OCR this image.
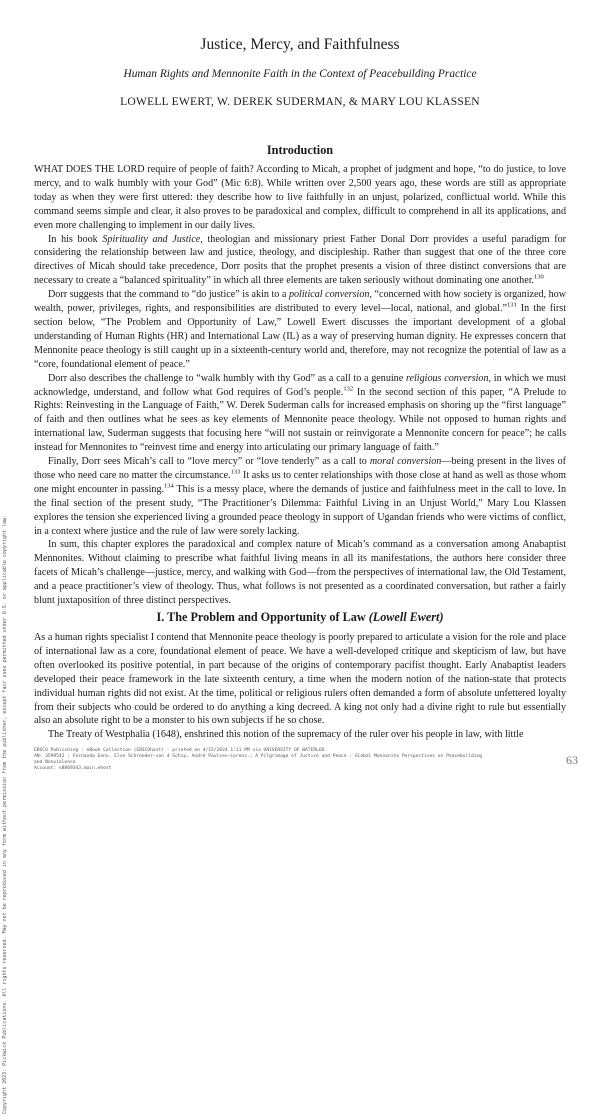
Justice, Mercy, and Faithfulness
Human Rights and Mennonite Faith in the Context of Peacebuilding Practice
LOWELL EWERT, W. DEREK SUDERMAN, & MARY LOU KLASSEN
Introduction

WHAT DOES THE LORD require of people of faith? According to Micah, a prophet of judgment and hope, “to do justice, to love mercy, and to walk humbly with your God” (Mic 6:8). While written over 2,500 years ago, these words are still as appropriate today as when they were first uttered: they describe how to live faithfully in an unjust, polarized, conflictual world. While this command seems simple and clear, it also proves to be paradoxical and complex, difficult to comprehend in all its applications, and even more challenging to implement in our daily lives.

In his book Spirituality and Justice, theologian and missionary priest Father Donal Dorr provides a useful paradigm for considering the relationship between law and justice, theology, and discipleship. Rather than suggest that one of the three core directives of Micah should take precedence, Dorr posits that the prophet presents a vision of three distinct conversions that are necessary to create a “balanced spirituality” in which all three elements are taken seriously without dominating one another.$^{130}$

Dorr suggests that the command to “do justice” is akin to a political conversion, “concerned with how society is organized, how wealth, power, privileges, rights, and responsibilities are distributed to every level—local, national, and global.”$^{131}$ In the first section below, “The Problem and Opportunity of Law,” Lowell Ewert discusses the important development of a global understanding of Human Rights (HR) and International Law (IL) as a way of preserving human dignity. He expresses concern that Mennonite peace theology is still caught up in a sixteenth-century world and, therefore, may not recognize the potential of law as a “core, foundational element of peace.”

Dorr also describes the challenge to “walk humbly with thy God” as a call to a genuine religious conversion, in which we must acknowledge, understand, and follow what God requires of God’s people.$^{132}$ In the second section of this paper, “A Prelude to Rights: Reinvesting in the Language of Faith,” W. Derek Suderman calls for increased emphasis on shoring up the “first language” of faith and then outlines what he sees as key elements of Mennonite peace theology. While not opposed to human rights and international law, Suderman suggests that focusing here “will not sustain or reinvigorate a Mennonite concern for peace”; he calls instead for Mennonites to “reinvest time and energy into articulating our primary language of faith.”

Finally, Dorr sees Micah’s call to “love mercy” or “love tenderly” as a call to moral conversion—being present in the lives of those who need care no matter the circumstance.$^{133}$ It asks us to center relationships with those close at hand as well as those whom one might encounter in passing.$^{134}$ This is a messy place, where the demands of justice and faithfulness meet in the call to love. In the final section of the present study, “The Practitioner’s Dilemma: Faithful Living in an Unjust World,” Mary Lou Klassen explores the tension she experienced living a grounded peace theology in support of Ugandan friends who were victims of conflict, in a context where justice and the rule of law were sorely lacking.

In sum, this chapter explores the paradoxical and complex nature of Micah’s command as a conversation among Anabaptist Mennonites. Without claiming to prescribe what faithful living means in all its manifestations, the authors here consider three facets of Micah’s challenge—justice, mercy, and walking with God—from the perspectives of international law, the Old Testament, and a peace practitioner’s view of theology. Thus, what follows is not presented as a coordinated conversation, but rather a fairly blunt juxtaposition of three distinct perspectives.

I. The Problem and Opportunity of Law (Lowell Ewert)

As a human rights specialist I contend that Mennonite peace theology is poorly prepared to articulate a vision for the role and place of international law as a core, foundational element of peace. We have a well-developed critique and skepticism of law, but have often overlooked its positive potential, in part because of the origins of contemporary pacifist thought. Early Anabaptist leaders developed their peace framework in the late sixteenth century, a time when the modern notion of the nation-state that protects individual human rights did not exist. At the time, political or religious rulers often demanded a form of absolute unfettered loyalty from their subjects who could be ordered to do anything a king decreed. A king not only had a divine right to rule but essentially also an absolute right to be a monster to his own subjects if he so chose.

The Treaty of Westphalia (1648), enshrined this notion of the supremacy of the ruler over his people in law, with little

Copyright 2023. Pickwick Publications. All rights reserved. May not be reproduced in any form without permission from the publisher, except fair uses permitted under U.S. or applicable copyright law.	EBSCO Publishing : eBook Collection (EBSCOhost) - printed on 4/15/2024 1:11 PM via UNIVERSITY OF WATERLOO
AN: 3599542 ; Fernando Enns, Else Schroeder-von 4 Schip, André Paulsen-Lorenz.; A Pilgrimage of Justice and Peace : Global Mennonite Perspectives on Peacebuilding
and Nonviolence
Account: s8869343.main.ehost
63
